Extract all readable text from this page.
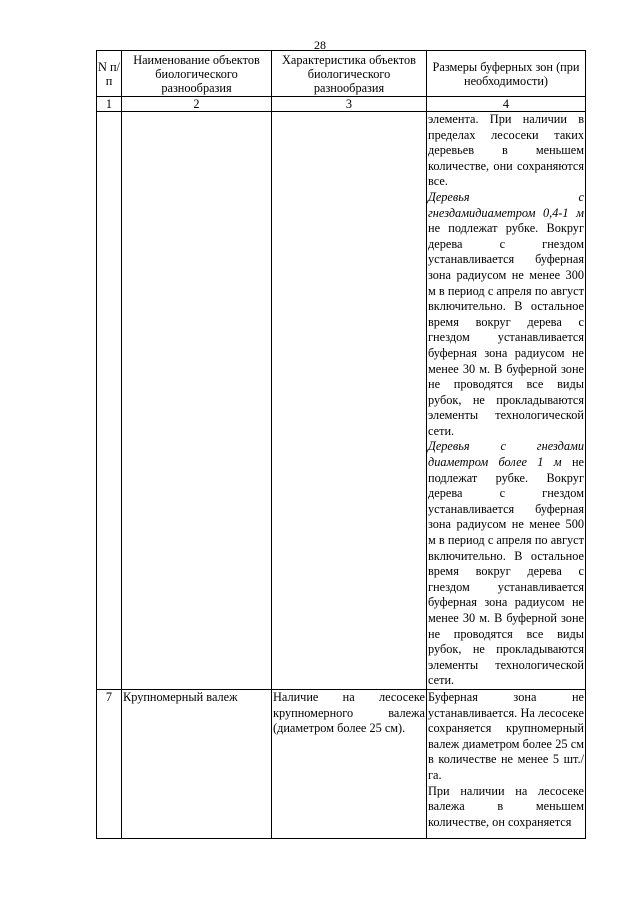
28
N п/п	Наименование объектов биологического разнообразия	Характеристика объектов биологического разнообразия	Размеры буферных зон (при необходимости)
1	2	3	4

			элемента. При наличии в пределах лесосеки таких деревьев в меньшем количестве, они сохраняются все.

Деревья с гнездамидиаметром 0,4-1 м не подлежат рубке. Вокруг дерева с гнездом устанавливается буферная зона радиусом не менее 300 м в период с апреля по август включительно. В остальное время вокруг дерева с гнездом устанавливается буферная зона радиусом не менее 30 м. В буферной зоне не проводятся все виды рубок, не прокладываются элементы технологической сети.

Деревья с гнездами диаметром более 1 м не подлежат рубке. Вокруг дерева с гнездом устанавливается буферная зона радиусом не менее 500 м в период с апреля по август включительно. В остальное время вокруг дерева с гнездом устанавливается буферная зона радиусом не менее 30 м. В буферной зоне не проводятся все виды рубок, не прокладываются элементы технологической сети.

7	Крупномерный валеж	Наличие на лесосеке крупномерного валежа (диаметром более 25 см).	Буферная зона не устанавливается. На лесосеке сохраняется крупномерный валеж диаметром более 25 см в количестве не менее 5 шт./га.

При наличии на лесосеке валежа в меньшем количестве, он сохраняется
